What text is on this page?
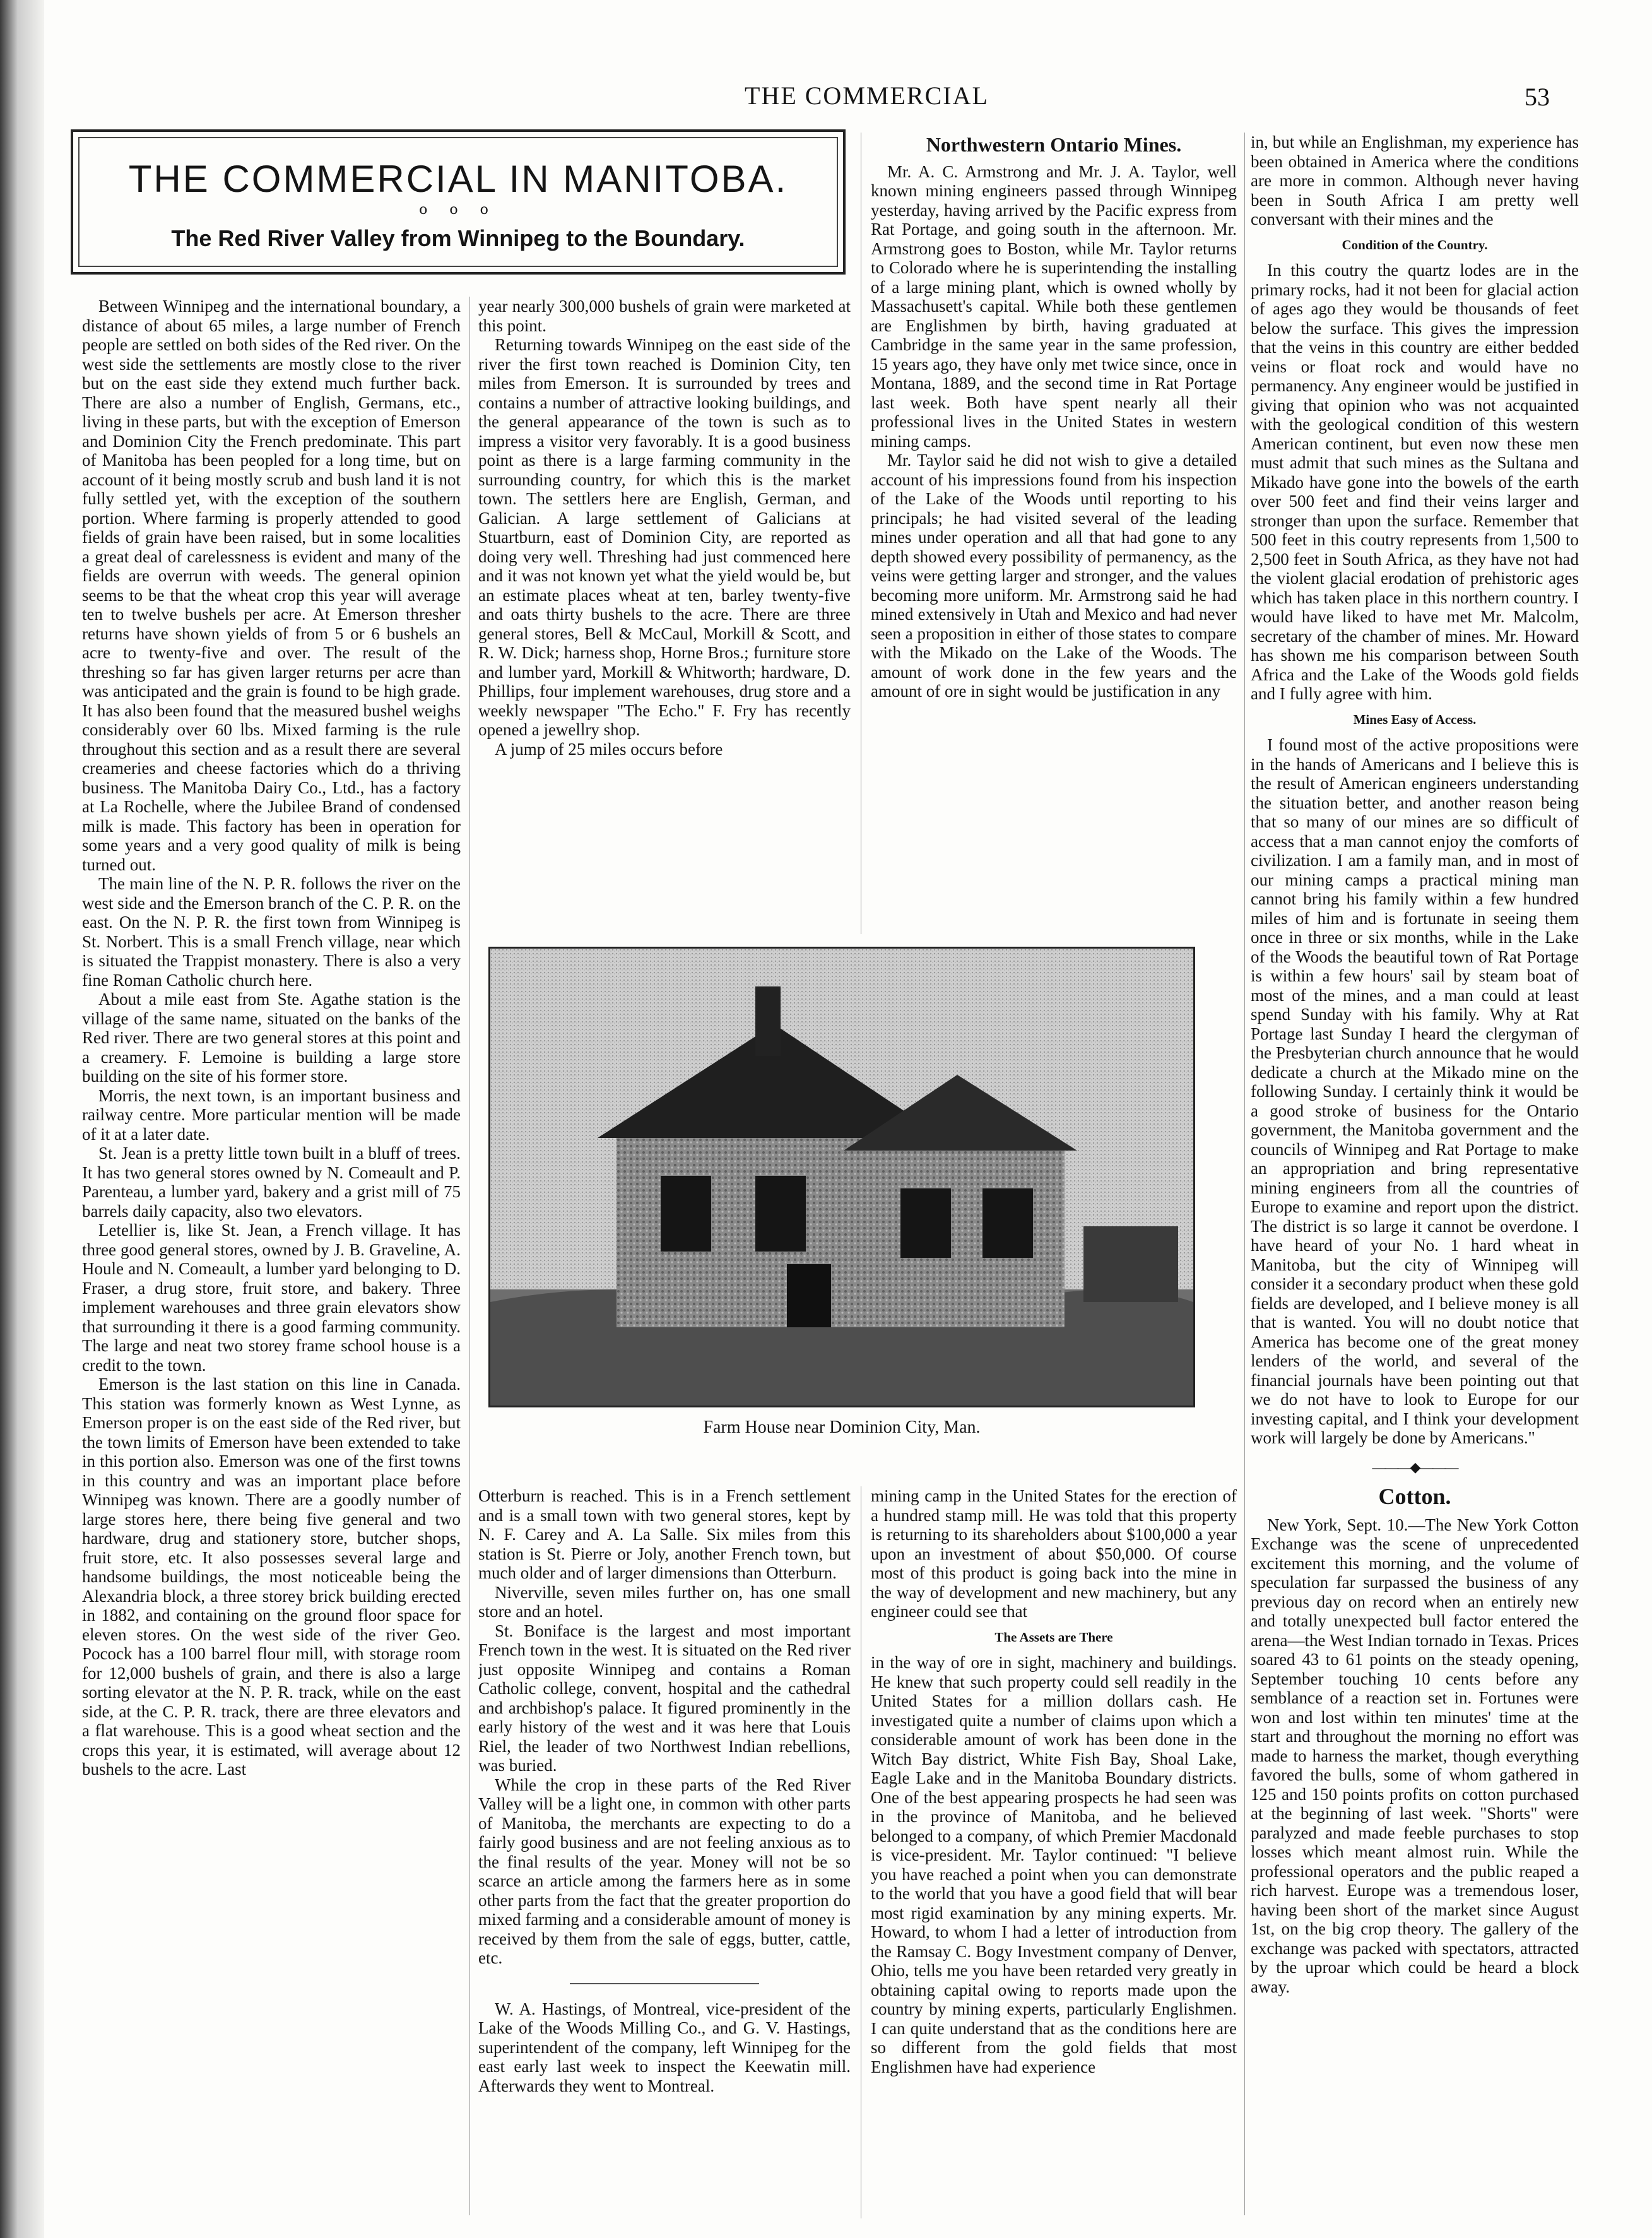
THE COMMERCIAL	53
THE COMMERCIAL IN MANITOBA.
o o o
The Red River Valley from Winnipeg to the Boundary.

Between Winnipeg and the international boundary, a distance of about 65 miles, a large number of French people are settled on both sides of the Red river. On the west side the settlements are mostly close to the river but on the east side they extend much further back. There are also a number of English, Germans, etc., living in these parts, but with the exception of Emerson and Dominion City the French predominate. This part of Manitoba has been peopled for a long time, but on account of it being mostly scrub and bush land it is not fully settled yet, with the exception of the southern portion. Where farming is properly attended to good fields of grain have been raised, but in some localities a great deal of carelessness is evident and many of the fields are overrun with weeds. The general opinion seems to be that the wheat crop this year will average ten to twelve bushels per acre. At Emerson thresher returns have shown yields of from 5 or 6 bushels an acre to twenty-five and over. The result of the threshing so far has given larger returns per acre than was anticipated and the grain is found to be high grade. It has also been found that the measured bushel weighs considerably over 60 lbs. Mixed farming is the rule throughout this section and as a result there are several creameries and cheese factories which do a thriving business. The Manitoba Dairy Co., Ltd., has a factory at La Rochelle, where the Jubilee Brand of condensed milk is made. This factory has been in operation for some years and a very good quality of milk is being turned out.

The main line of the N. P. R. follows the river on the west side and the Emerson branch of the C. P. R. on the east. On the N. P. R. the first town from Winnipeg is St. Norbert. This is a small French village, near which is situated the Trappist monastery. There is also a very fine Roman Catholic church here.

About a mile east from Ste. Agathe station is the village of the same name, situated on the banks of the Red river. There are two general stores at this point and a creamery. F. Lemoine is building a large store building on the site of his former store.

Morris, the next town, is an important business and railway centre. More particular mention will be made of it at a later date.

St. Jean is a pretty little town built in a bluff of trees. It has two general stores owned by N. Comeault and P. Parenteau, a lumber yard, bakery and a grist mill of 75 barrels daily capacity, also two elevators.

Letellier is, like St. Jean, a French village. It has three good general stores, owned by J. B. Graveline, A. Houle and N. Comeault, a lumber yard belonging to D. Fraser, a drug store, fruit store, and bakery. Three implement warehouses and three grain elevators show that surrounding it there is a good farming community. The large and neat two storey frame school house is a credit to the town.

Emerson is the last station on this line in Canada. This station was formerly known as West Lynne, as Emerson proper is on the east side of the Red river, but the town limits of Emerson have been extended to take in this portion also. Emerson was one of the first towns in this country and was an important place before Winnipeg was known. There are a goodly number of large stores here, there being five general and two hardware, drug and stationery store, butcher shops, fruit store, etc. It also possesses several large and handsome buildings, the most noticeable being the Alexandria block, a three storey brick building erected in 1882, and containing on the ground floor space for eleven stores. On the west side of the river Geo. Pocock has a 100 barrel flour mill, with storage room for 12,000 bushels of grain, and there is also a large sorting elevator at the N. P. R. track, while on the east side, at the C. P. R. track, there are three elevators and a flat warehouse. This is a good wheat section and the crops this year, it is estimated, will average about 12 bushels to the acre. Last

year nearly 300,000 bushels of grain were marketed at this point.

Returning towards Winnipeg on the east side of the river the first town reached is Dominion City, ten miles from Emerson. It is surrounded by trees and contains a number of attractive looking buildings, and the general appearance of the town is such as to impress a visitor very favorably. It is a good business point as there is a large farming community in the surrounding country, for which this is the market town. The settlers here are English, German, and Galician. A large settlement of Galicians at Stuartburn, east of Dominion City, are reported as doing very well. Threshing had just commenced here and it was not known yet what the yield would be, but an estimate places wheat at ten, barley twenty-five and oats thirty bushels to the acre. There are three general stores, Bell & McCaul, Morkill & Scott, and R. W. Dick; harness shop, Horne Bros.; furniture store and lumber yard, Morkill & Whitworth; hardware, D. Phillips, four implement warehouses, drug store and a weekly newspaper "The Echo." F. Fry has recently opened a jewellry shop.

A jump of 25 miles occurs before

Northwestern Ontario Mines.

Mr. A. C. Armstrong and Mr. J. A. Taylor, well known mining engineers passed through Winnipeg yesterday, having arrived by the Pacific express from Rat Portage, and going south in the afternoon. Mr. Armstrong goes to Boston, while Mr. Taylor returns to Colorado where he is superintending the installing of a large mining plant, which is owned wholly by Massachusett's capital. While both these gentlemen are Englishmen by birth, having graduated at Cambridge in the same year in the same profession, 15 years ago, they have only met twice since, once in Montana, 1889, and the second time in Rat Portage last week. Both have spent nearly all their professional lives in the United States in western mining camps.

Mr. Taylor said he did not wish to give a detailed account of his impressions found from his inspection of the Lake of the Woods until reporting to his principals; he had visited several of the leading mines under operation and all that had gone to any depth showed every possibility of permanency, as the veins were getting larger and stronger, and the values becoming more uniform. Mr. Armstrong said he had mined extensively in Utah and Mexico and had never seen a proposition in either of those states to compare with the Mikado on the Lake of the Woods. The amount of work done in the few years and the amount of ore in sight would be justification in any

Farm House near Dominion City, Man.

Otterburn is reached. This is in a French settlement and is a small town with two general stores, kept by N. F. Carey and A. La Salle. Six miles from this station is St. Pierre or Joly, another French town, but much older and of larger dimensions than Otterburn.

Niverville, seven miles further on, has one small store and an hotel.

St. Boniface is the largest and most important French town in the west. It is situated on the Red river just opposite Winnipeg and contains a Roman Catholic college, convent, hospital and the cathedral and archbishop's palace. It figured prominently in the early history of the west and it was here that Louis Riel, the leader of two Northwest Indian rebellions, was buried.

While the crop in these parts of the Red River Valley will be a light one, in common with other parts of Manitoba, the merchants are expecting to do a fairly good business and are not feeling anxious as to the final results of the year. Money will not be so scarce an article among the farmers here as in some other parts from the fact that the greater proportion do mixed farming and a considerable amount of money is received by them from the sale of eggs, butter, cattle, etc.

W. A. Hastings, of Montreal, vice-president of the Lake of the Woods Milling Co., and G. V. Hastings, superintendent of the company, left Winnipeg for the east early last week to inspect the Keewatin mill. Afterwards they went to Montreal.

mining camp in the United States for the erection of a hundred stamp mill. He was told that this property is returning to its shareholders about $100,000 a year upon an investment of about $50,000. Of course most of this product is going back into the mine in the way of development and new machinery, but any engineer could see that

The Assets are There

in the way of ore in sight, machinery and buildings. He knew that such property could sell readily in the United States for a million dollars cash. He investigated quite a number of claims upon which a considerable amount of work has been done in the Witch Bay district, White Fish Bay, Shoal Lake, Eagle Lake and in the Manitoba Boundary districts. One of the best appearing prospects he had seen was in the province of Manitoba, and he believed belonged to a company, of which Premier Macdonald is vice-president. Mr. Taylor continued: "I believe you have reached a point when you can demonstrate to the world that you have a good field that will bear most rigid examination by any mining experts. Mr. Howard, to whom I had a letter of introduction from the Ramsay C. Bogy Investment company of Denver, Ohio, tells me you have been retarded very greatly in obtaining capital owing to reports made upon the country by mining experts, particularly Englishmen. I can quite understand that as the conditions here are so different from the gold fields that most Englishmen have had experience

in, but while an Englishman, my experience has been obtained in America where the conditions are more in common. Although never having been in South Africa I am pretty well conversant with their mines and the

Condition of the Country.

In this coutry the quartz lodes are in the primary rocks, had it not been for glacial action of ages ago they would be thousands of feet below the surface. This gives the impression that the veins in this country are either bedded veins or float rock and would have no permanency. Any engineer would be justified in giving that opinion who was not acquainted with the geological condition of this western American continent, but even now these men must admit that such mines as the Sultana and Mikado have gone into the bowels of the earth over 500 feet and find their veins larger and stronger than upon the surface. Remember that 500 feet in this coutry represents from 1,500 to 2,500 feet in South Africa, as they have not had the violent glacial erodation of prehistoric ages which has taken place in this northern country. I would have liked to have met Mr. Malcolm, secretary of the chamber of mines. Mr. Howard has shown me his comparison between South Africa and the Lake of the Woods gold fields and I fully agree with him.

Mines Easy of Access.

I found most of the active propositions were in the hands of Americans and I believe this is the result of American engineers understanding the situation better, and another reason being that so many of our mines are so difficult of access that a man cannot enjoy the comforts of civilization. I am a family man, and in most of our mining camps a practical mining man cannot bring his family within a few hundred miles of him and is fortunate in seeing them once in three or six months, while in the Lake of the Woods the beautiful town of Rat Portage is within a few hours' sail by steam boat of most of the mines, and a man could at least spend Sunday with his family. Why at Rat Portage last Sunday I heard the clergyman of the Presbyterian church announce that he would dedicate a church at the Mikado mine on the following Sunday. I certainly think it would be a good stroke of business for the Ontario government, the Manitoba government and the councils of Winnipeg and Rat Portage to make an appropriation and bring representative mining engineers from all the countries of Europe to examine and report upon the district. The district is so large it cannot be overdone. I have heard of your No. 1 hard wheat in Manitoba, but the city of Winnipeg will consider it a secondary product when these gold fields are developed, and I believe money is all that is wanted. You will no doubt notice that America has become one of the great money lenders of the world, and several of the financial journals have been pointing out that we do not have to look to Europe for our investing capital, and I think your development work will largely be done by Americans."

———◆———
Cotton.

New York, Sept. 10.—The New York Cotton Exchange was the scene of unprecedented excitement this morning, and the volume of speculation far surpassed the business of any previous day on record when an entirely new and totally unexpected bull factor entered the arena—the West Indian tornado in Texas. Prices soared 43 to 61 points on the steady opening, September touching 10 cents before any semblance of a reaction set in. Fortunes were won and lost within ten minutes' time at the start and throughout the morning no effort was made to harness the market, though everything favored the bulls, some of whom gathered in 125 and 150 points profits on cotton purchased at the beginning of last week. "Shorts" were paralyzed and made feeble purchases to stop losses which meant almost ruin. While the professional operators and the public reaped a rich harvest. Europe was a tremendous loser, having been short of the market since August 1st, on the big crop theory. The gallery of the exchange was packed with spectators, attracted by the uproar which could be heard a block away.
